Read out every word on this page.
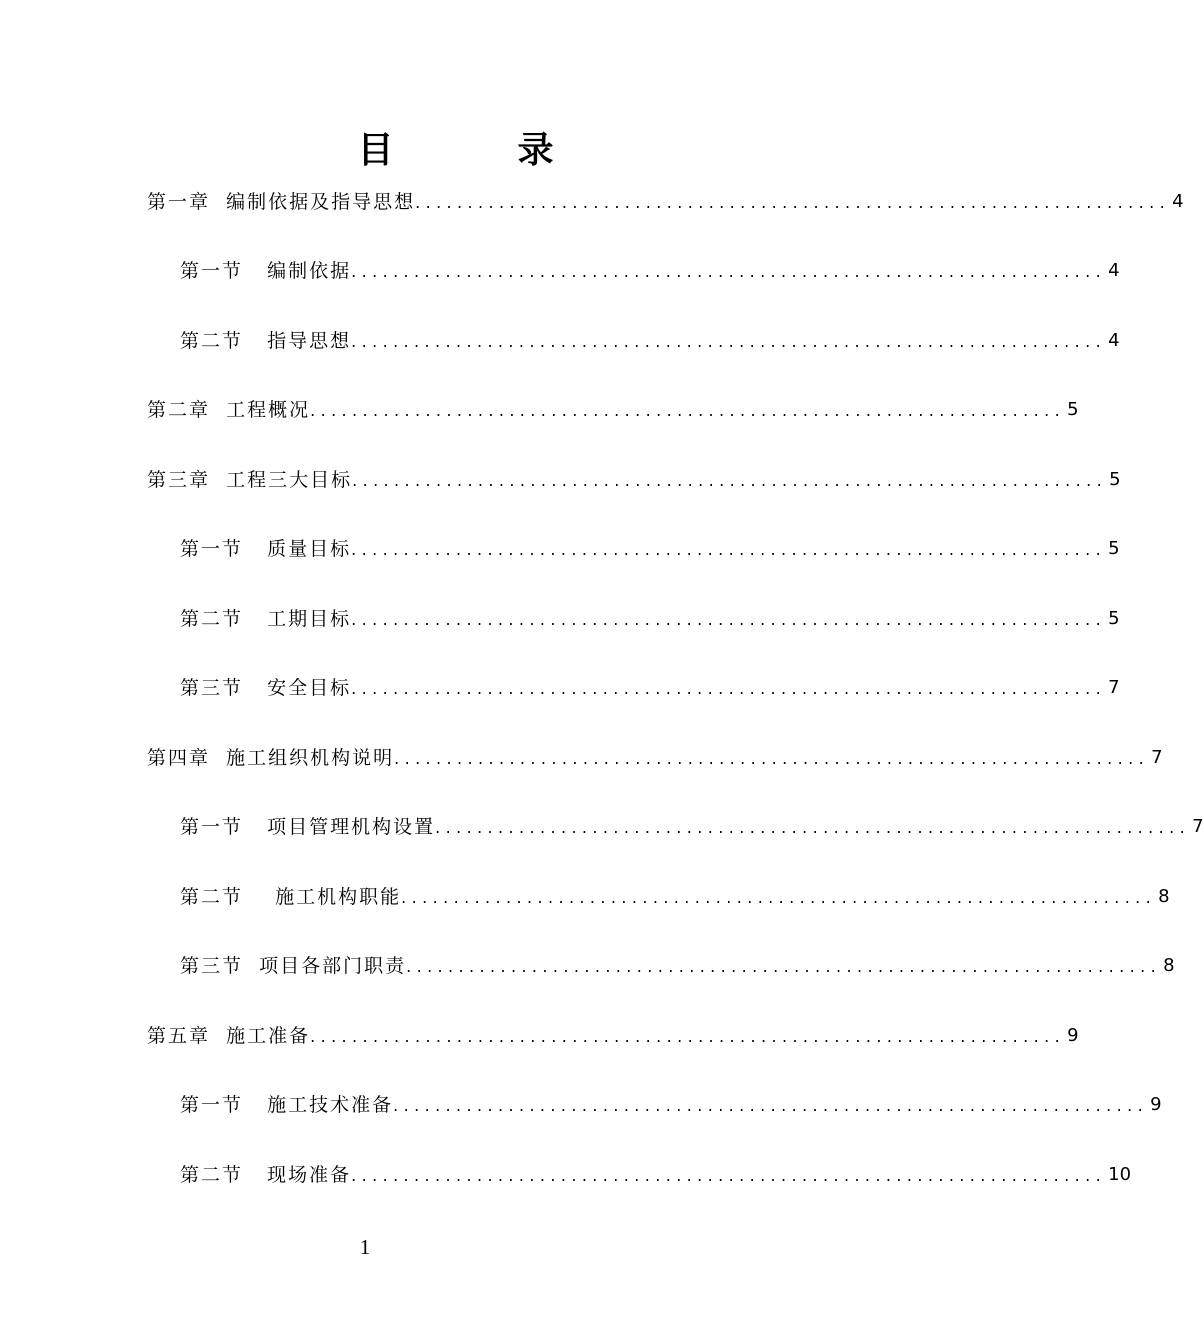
目　录
第一章  编制依据及指导思想 ........................................................................ 4
第一节   编制依据 ........................................................................ 4
第二节   指导思想 ........................................................................ 4
第二章  工程概况 ........................................................................ 5
第三章  工程三大目标 ........................................................................ 5
第一节   质量目标 ........................................................................ 5
第二节   工期目标 ........................................................................ 5
第三节   安全目标 ........................................................................ 7
第四章  施工组织机构说明 ........................................................................ 7
第一节   项目管理机构设置 ........................................................................ 7
第二节    施工机构职能 ........................................................................ 8
第三节  项目各部门职责 ........................................................................ 8
第五章  施工准备 ........................................................................ 9
第一节   施工技术准备 ........................................................................ 9
第二节   现场准备 ........................................................................ 10
1
